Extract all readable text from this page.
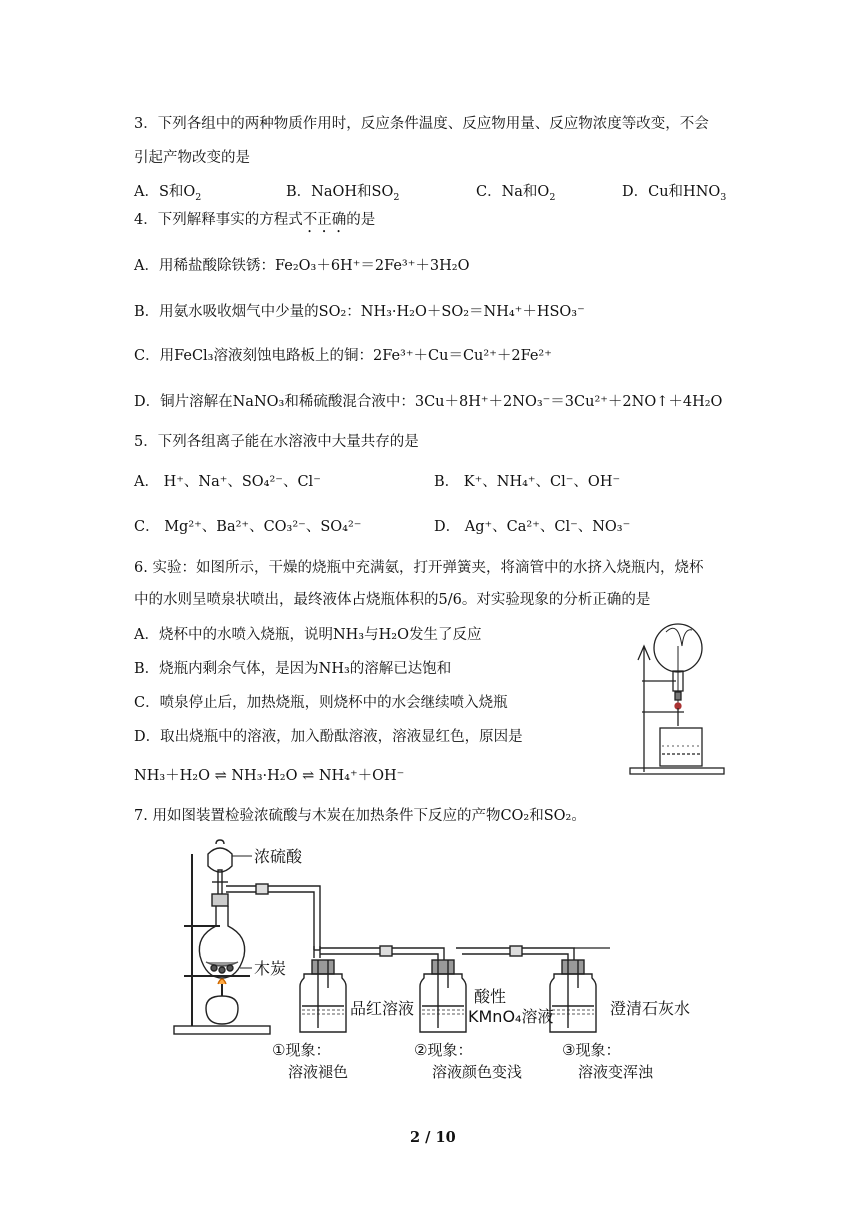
3．下列各组中的两种物质作用时，反应条件温度、反应物用量、反应物浓度等改变，不会
引起产物改变的是
A．S和$O_2$	B．NaOH和$SO_2$	C．Na和$O_2$	D．Cu和$HNO_3$
4．下列解释事实的方程式不正确的是
A．用稀盐酸除铁锈：Fe₂O₃＋6H⁺＝2Fe³⁺＋3H₂O
B．用氨水吸收烟气中少量的SO₂：NH₃·H₂O＋SO₂＝NH₄⁺＋HSO₃⁻
C．用FeCl₃溶液刻蚀电路板上的铜：2Fe³⁺＋Cu＝Cu²⁺＋2Fe²⁺
D．铜片溶解在NaNO₃和稀硫酸混合液中：3Cu＋8H⁺＋2NO₃⁻＝3Cu²⁺＋2NO↑＋4H₂O
5．下列各组离子能在水溶液中大量共存的是
A． H⁺、Na⁺、SO₄²⁻、Cl⁻	B． K⁺、NH₄⁺、Cl⁻、OH⁻
C． Mg²⁺、Ba²⁺、CO₃²⁻、SO₄²⁻	D． Ag⁺、Ca²⁺、Cl⁻、NO₃⁻
6. 实验：如图所示，干燥的烧瓶中充满氨，打开弹簧夹，将滴管中的水挤入烧瓶内，烧杯
中的水则呈喷泉状喷出，最终液体占烧瓶体积的5/6。对实验现象的分析正确的是
A．烧杯中的水喷入烧瓶，说明NH₃与H₂O发生了反应
B．烧瓶内剩余气体，是因为NH₃的溶解已达饱和
C．喷泉停止后，加热烧瓶，则烧杯中的水会继续喷入烧瓶
D．取出烧瓶中的溶液，加入酚酞溶液，溶液显红色，原因是
NH₃＋H₂O ⇌ NH₃·H₂O ⇌ NH₄⁺＋OH⁻
7. 用如图装置检验浓硫酸与木炭在加热条件下反应的产物CO₂和SO₂。
浓硫酸
木炭
品红溶液
酸性
KMnO₄溶液	澄清石灰水
①现象：
溶液褪色
②现象：
溶液颜色变浅
③现象：
溶液变浑浊
2 / 10
